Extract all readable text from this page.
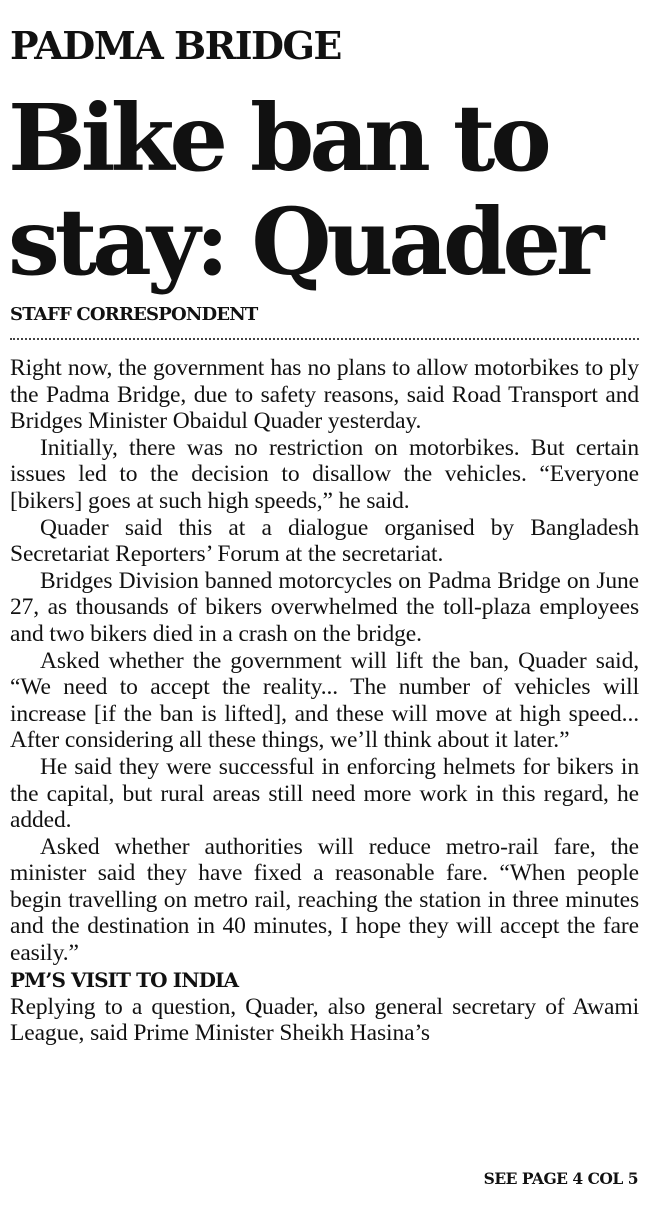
PADMA BRIDGE
Bike ban to
stay: Quader
STAFF CORRESPONDENT

Right now, the government has no plans to allow motorbikes to ply the Padma Bridge, due to safety reasons, said Road Transport and Bridges Minister Obaidul Quader yesterday.

Initially, there was no restriction on motorbikes. But certain issues led to the decision to disallow the vehicles. “Everyone [bikers] goes at such high speeds,” he said.

Quader said this at a dialogue organised by Bangladesh Secretariat Reporters’ Forum at the secretariat.

Bridges Division banned motorcycles on Padma Bridge on June 27, as thousands of bikers overwhelmed the toll-plaza employees and two bikers died in a crash on the bridge.

Asked whether the government will lift the ban, Quader said, “We need to accept the reality... The number of vehicles will increase [if the ban is lifted], and these will move at high speed... After considering all these things, we’ll think about it later.”

He said they were successful in enforcing helmets for bikers in the capital, but rural areas still need more work in this regard, he added.

Asked whether authorities will reduce metro-rail fare, the minister said they have fixed a reasonable fare. “When people begin travelling on metro rail, reaching the station in three minutes and the destination in 40 minutes, I hope they will accept the fare easily.”

PM’S VISIT TO INDIA

Replying to a question, Quader, also general secretary of Awami League, said Prime Minister Sheikh Hasina’s

SEE PAGE 4 COL 5
